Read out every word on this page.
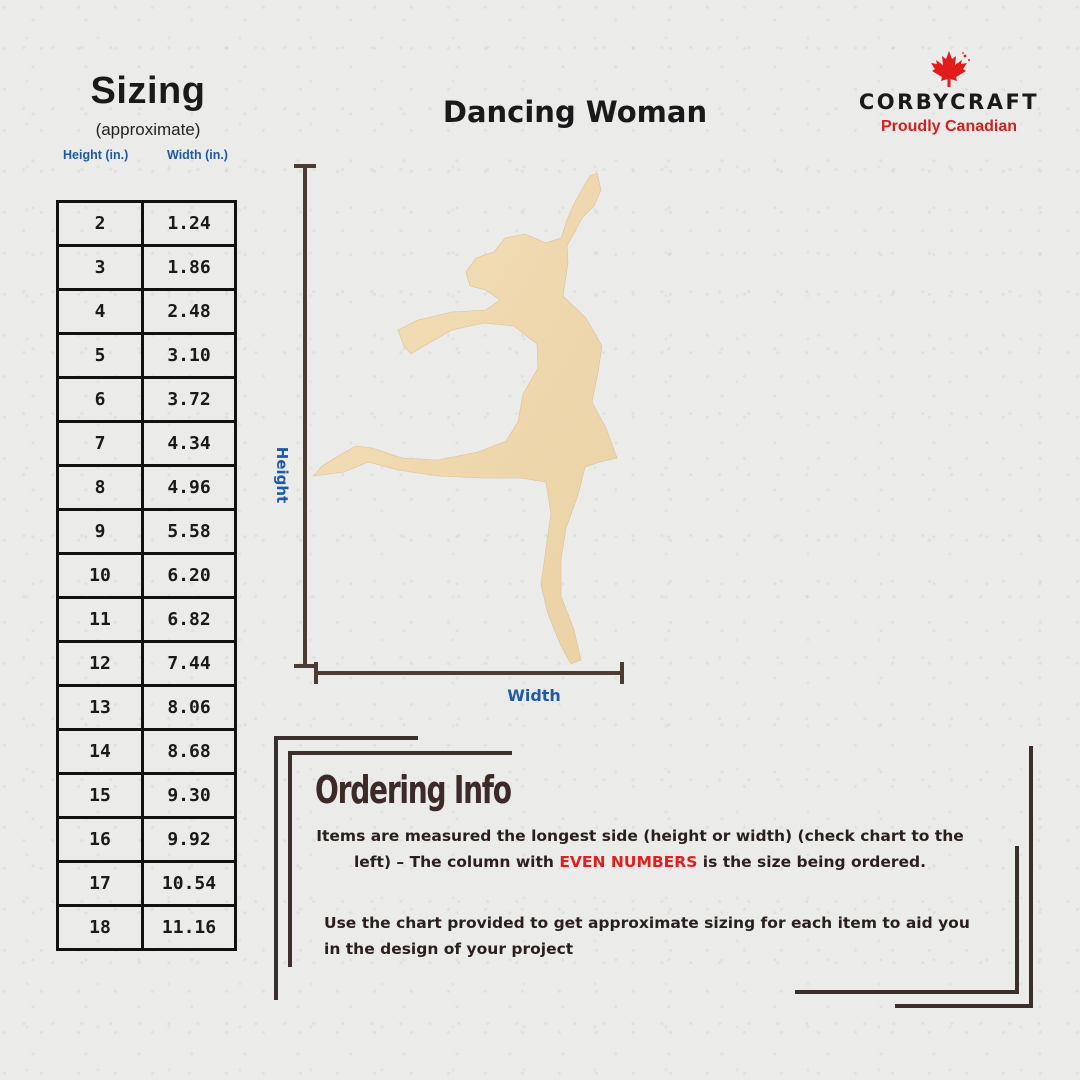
Sizing
(approximate)
Height (in.)	Width (in.)
2	1.24
3	1.86
4	2.48
5	3.10
6	3.72
7	4.34
8	4.96
9	5.58
10	6.20
11	6.82
12	7.44
13	8.06
14	8.68
15	9.30
16	9.92
17	10.54
18	11.16
Dancing Woman	CORBYCRAFT
Proudly Canadian
Height
Width
Ordering Info
Items are measured the longest side (height or width) (check chart to the left) – The column with EVEN NUMBERS is the size being ordered.
Use the chart provided to get approximate sizing for each item to aid you in the design of your project
